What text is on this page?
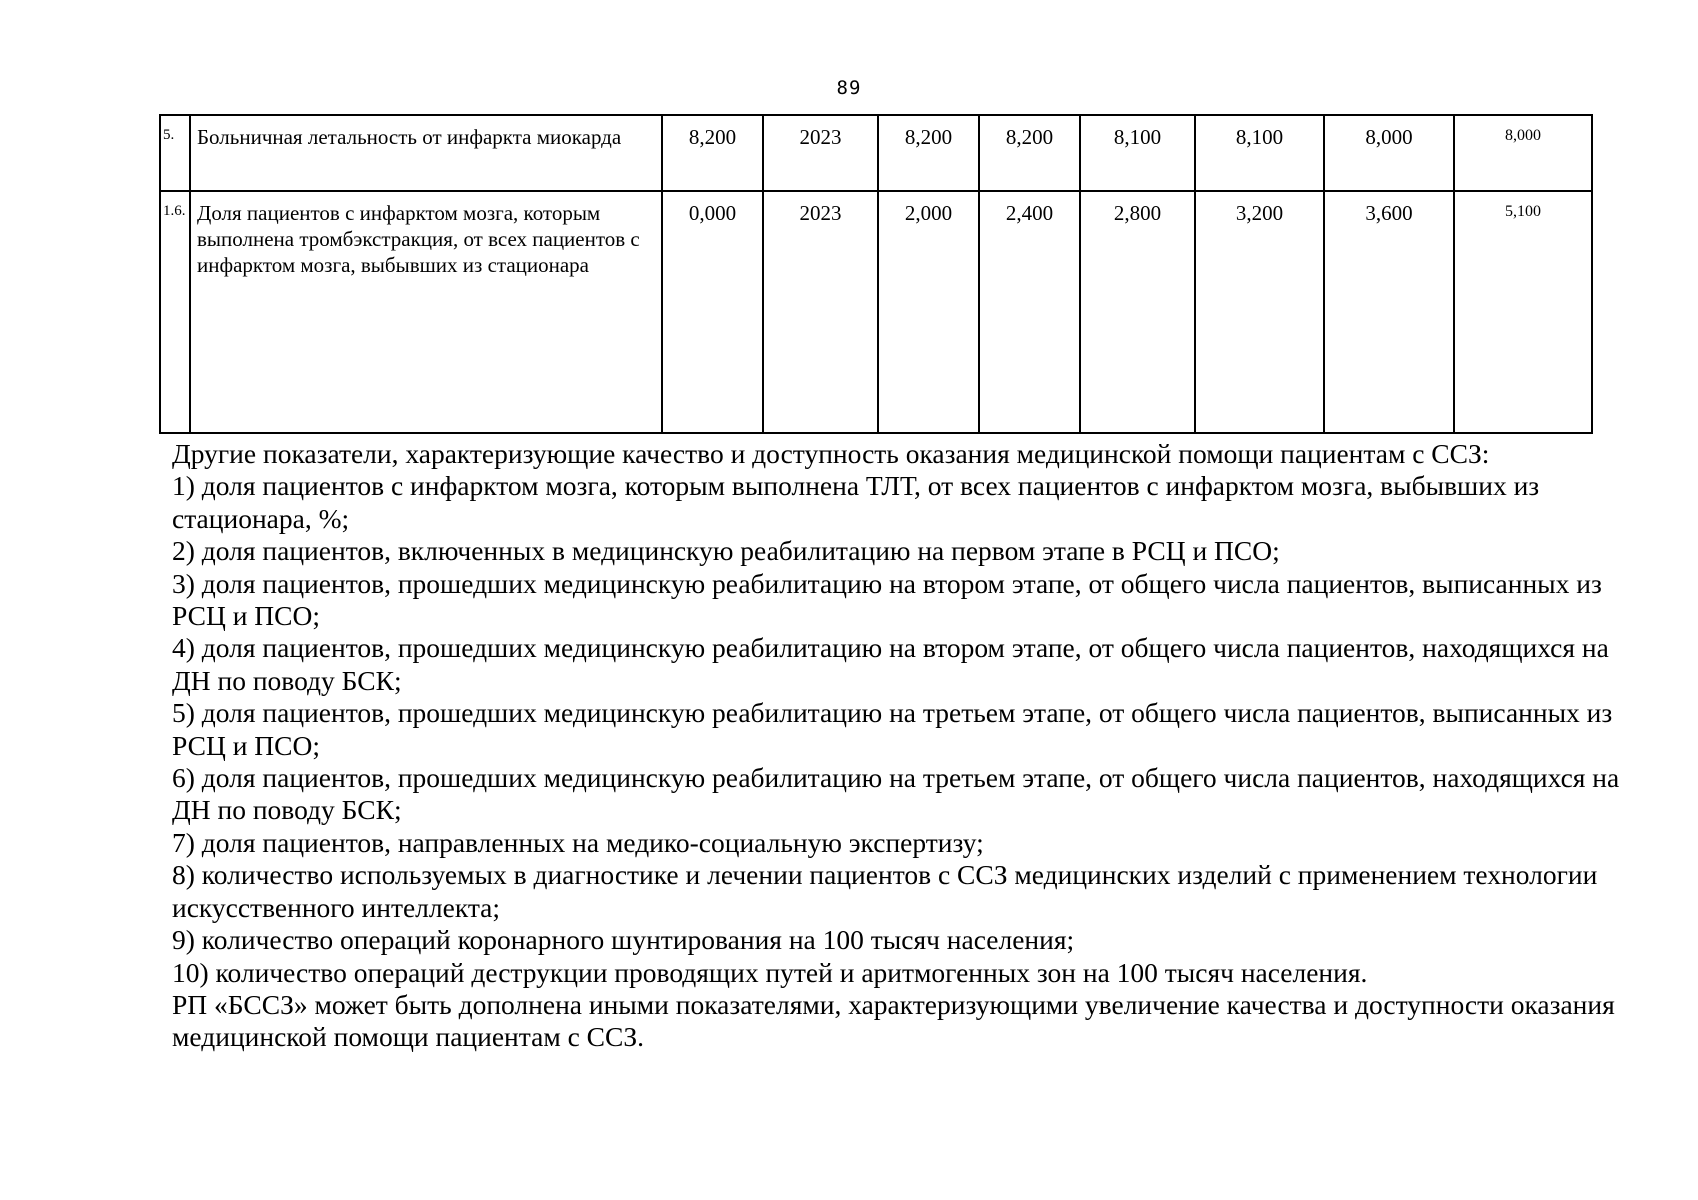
89
5.	Больничная летальность от инфаркта миокарда	8,200	2023	8,200	8,200	8,100	8,100	8,000	8,000
1.6.	Доля пациентов с инфарктом мозга, которым выполнена тромбэкстракция, от всех пациентов с инфарктом мозга, выбывших из стационара	0,000	2023	2,000	2,400	2,800	3,200	3,600	5,100

Другие показатели, характеризующие качество и доступность оказания медицинской помощи пациентам с ССЗ:

1) доля пациентов с инфарктом мозга, которым выполнена ТЛТ, от всех пациентов с инфарктом мозга, выбывших из стационара, %;

2) доля пациентов, включенных в медицинскую реабилитацию на первом этапе в РСЦ и ПСО;

3) доля пациентов, прошедших медицинскую реабилитацию на втором этапе, от общего числа пациентов, выписанных из РСЦ и ПСО;

4) доля пациентов, прошедших медицинскую реабилитацию на втором этапе, от общего числа пациентов, находящихся на ДН по поводу БСК;

5) доля пациентов, прошедших медицинскую реабилитацию на третьем этапе, от общего числа пациентов, выписанных из РСЦ и ПСО;

6) доля пациентов, прошедших медицинскую реабилитацию на третьем этапе, от общего числа пациентов, находящихся на ДН по поводу БСК;

7) доля пациентов, направленных на медико-социальную экспертизу;

8) количество используемых в диагностике и лечении пациентов с ССЗ медицинских изделий с применением технологии искусственного интеллекта;

9) количество операций коронарного шунтирования на 100 тысяч населения;

10) количество операций деструкции проводящих путей и аритмогенных зон на 100 тысяч населения.

РП «БССЗ» может быть дополнена иными показателями, характеризующими увеличение качества и доступности оказания медицинской помощи пациентам с ССЗ.
